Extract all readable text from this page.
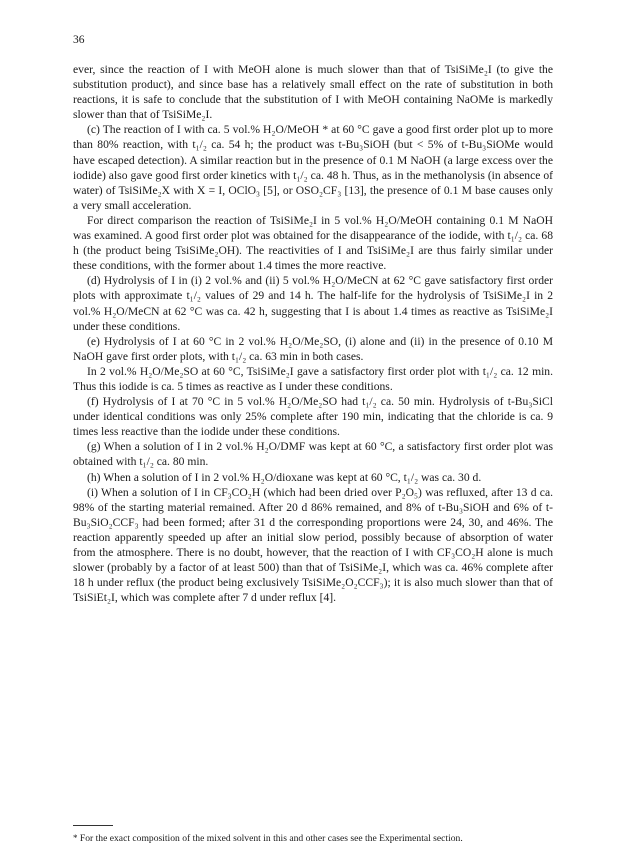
36

ever, since the reaction of I with MeOH alone is much slower than that of TsiSiMe₂I (to give the substitution product), and since base has a relatively small effect on the rate of substitution in both reactions, it is safe to conclude that the substitution of I with MeOH containing NaOMe is markedly slower than that of TsiSiMe₂I.

(c) The reaction of I with ca. 5 vol.% H₂O/MeOH * at 60 °C gave a good first order plot up to more than 80% reaction, with t₁/₂ ca. 54 h; the product was t-Bu₃SiOH (but < 5% of t-Bu₃SiOMe would have escaped detection). A similar reaction but in the presence of 0.1 M NaOH (a large excess over the iodide) also gave good first order kinetics with t₁/₂ ca. 48 h. Thus, as in the methanolysis (in absence of water) of TsiSiMe₂X with X = I, OClO₃ [5], or OSO₂CF₃ [13], the presence of 0.1 M base causes only a very small acceleration.

For direct comparison the reaction of TsiSiMe₂I in 5 vol.% H₂O/MeOH containing 0.1 M NaOH was examined. A good first order plot was obtained for the disappearance of the iodide, with t₁/₂ ca. 68 h (the product being TsiSiMe₂OH). The reactivities of I and TsiSiMe₂I are thus fairly similar under these conditions, with the former about 1.4 times the more reactive.

(d) Hydrolysis of I in (i) 2 vol.% and (ii) 5 vol.% H₂O/MeCN at 62 °C gave satisfactory first order plots with approximate t₁/₂ values of 29 and 14 h. The half-life for the hydrolysis of TsiSiMe₂I in 2 vol.% H₂O/MeCN at 62 °C was ca. 42 h, suggesting that I is about 1.4 times as reactive as TsiSiMe₂I under these conditions.

(e) Hydrolysis of I at 60 °C in 2 vol.% H₂O/Me₂SO, (i) alone and (ii) in the presence of 0.10 M NaOH gave first order plots, with t₁/₂ ca. 63 min in both cases.

In 2 vol.% H₂O/Me₂SO at 60 °C, TsiSiMe₂I gave a satisfactory first order plot with t₁/₂ ca. 12 min. Thus this iodide is ca. 5 times as reactive as I under these conditions.

(f) Hydrolysis of I at 70 °C in 5 vol.% H₂O/Me₂SO had t₁/₂ ca. 50 min. Hydrolysis of t-Bu₃SiCl under identical conditions was only 25% complete after 190 min, indicating that the chloride is ca. 9 times less reactive than the iodide under these conditions.

(g) When a solution of I in 2 vol.% H₂O/DMF was kept at 60 °C, a satisfactory first order plot was obtained with t₁/₂ ca. 80 min.

(h) When a solution of I in 2 vol.% H₂O/dioxane was kept at 60 °C, t₁/₂ was ca. 30 d.

(i) When a solution of I in CF₃CO₂H (which had been dried over P₂O₅) was refluxed, after 13 d ca. 98% of the starting material remained. After 20 d 86% remained, and 8% of t-Bu₃SiOH and 6% of t-Bu₃SiO₂CCF₃ had been formed; after 31 d the corresponding proportions were 24, 30, and 46%. The reaction apparently speeded up after an initial slow period, possibly because of absorption of water from the atmosphere. There is no doubt, however, that the reaction of I with CF₃CO₂H alone is much slower (probably by a factor of at least 500) than that of TsiSiMe₂I, which was ca. 46% complete after 18 h under reflux (the product being exclusively TsiSiMe₂O₂CCF₃); it is also much slower than that of TsiSiEt₂I, which was complete after 7 d under reflux [4].

* For the exact composition of the mixed solvent in this and other cases see the Experimental section.
